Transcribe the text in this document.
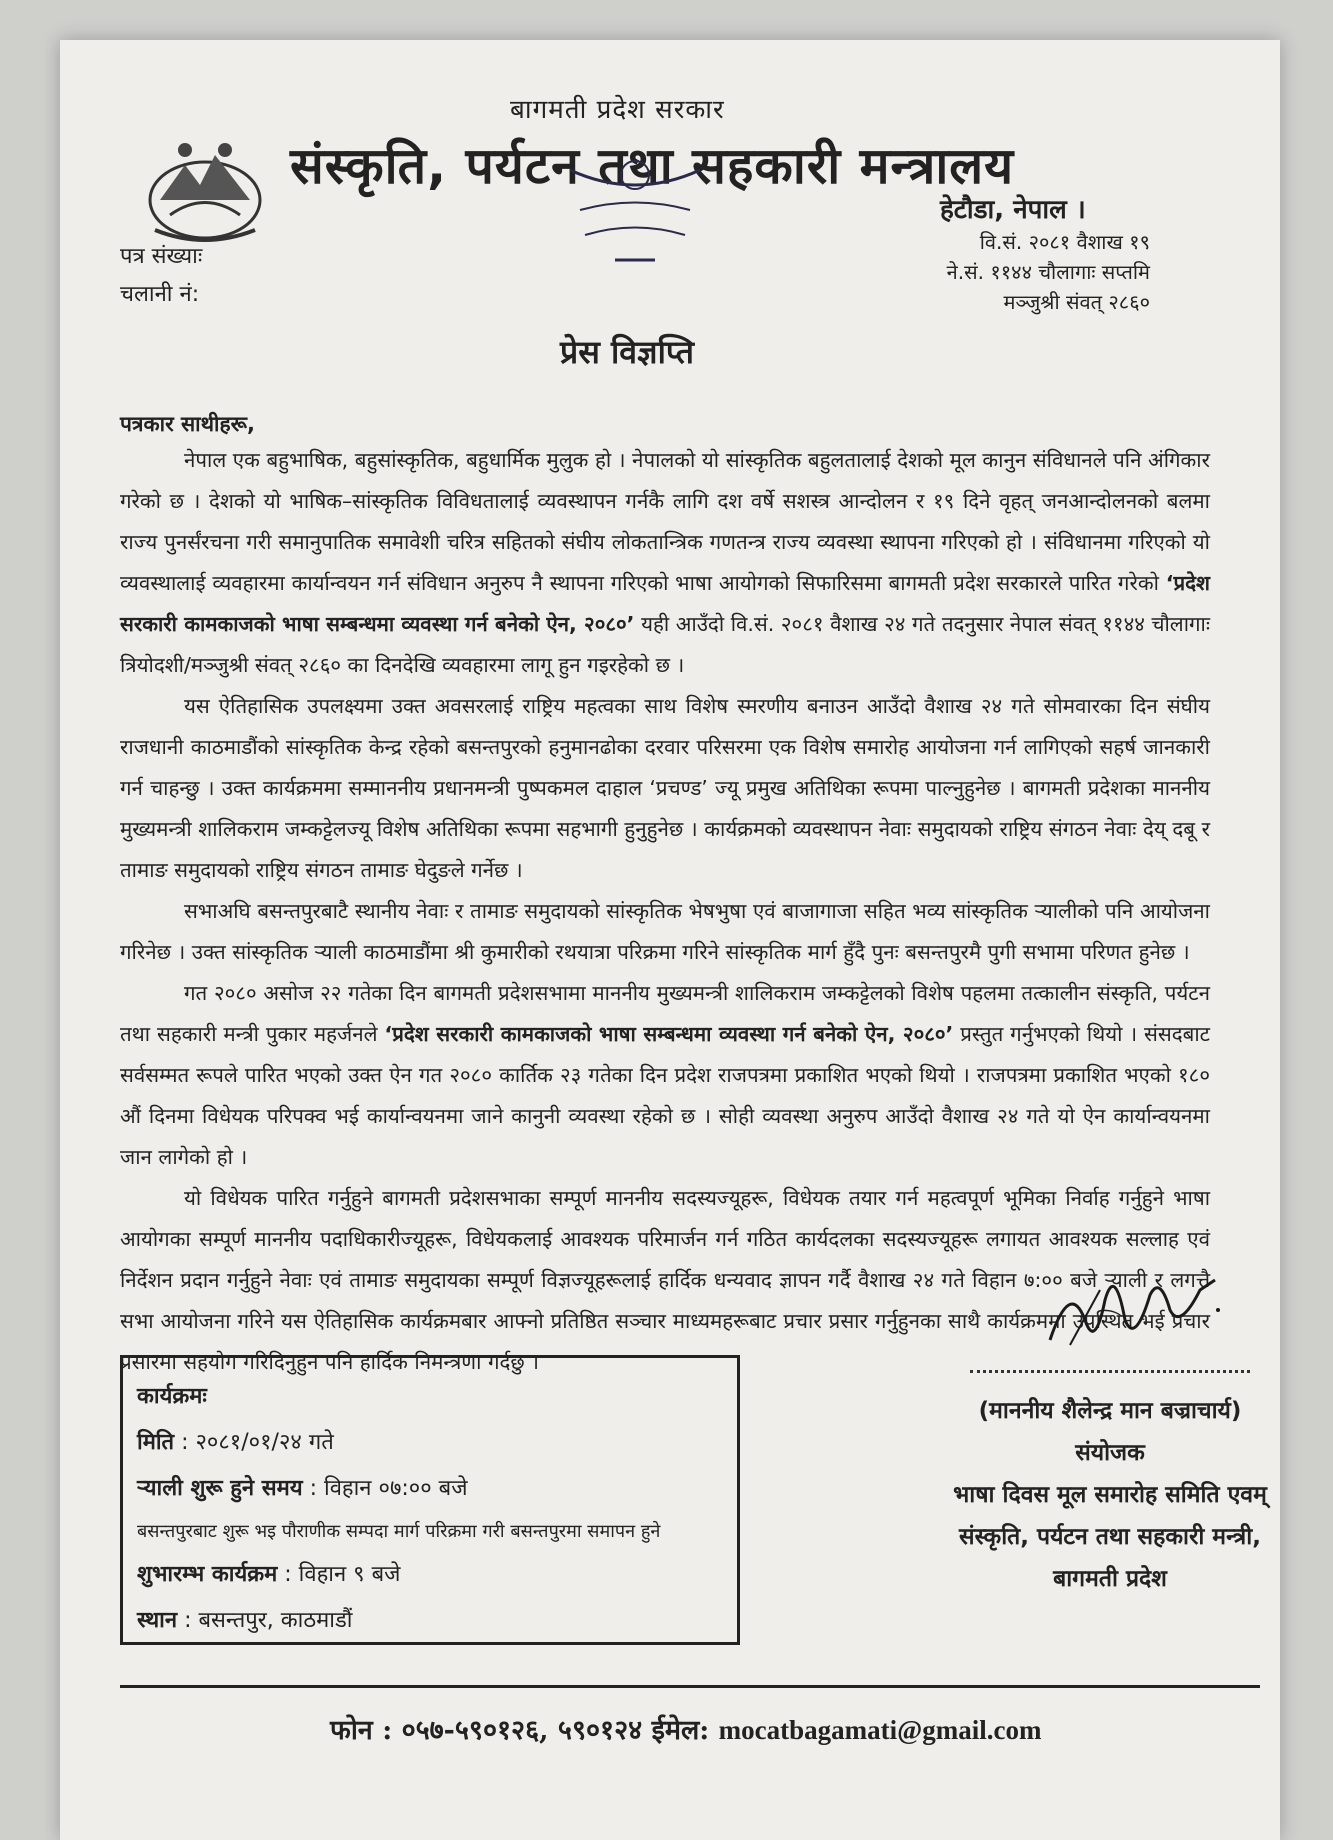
बागमती प्रदेश सरकार
संस्कृति, पर्यटन तथा सहकारी मन्त्रालय
हेटौडा, नेपाल ।
पत्र संख्याः
चलानी नं:
वि.सं. २०८१ वैशाख १९
ने.सं. ११४४ चौलागाः सप्तमि
मञ्जुश्री संवत् २८६०
प्रेस विज्ञप्ति
पत्रकार साथीहरू,

नेपाल एक बहुभाषिक, बहुसांस्कृतिक, बहुधार्मिक मुलुक हो । नेपालको यो सांस्कृतिक बहुलतालाई देशको मूल कानुन संविधानले पनि अंगिकार गरेको छ । देशको यो भाषिक–सांस्कृतिक विविधतालाई व्यवस्थापन गर्नकै लागि दश वर्षे सशस्त्र आन्दोलन र १९ दिने वृहत् जनआन्दोलनको बलमा राज्य पुनर्संरचना गरी समानुपातिक समावेशी चरित्र सहितको संघीय लोकतान्त्रिक गणतन्त्र राज्य व्यवस्था स्थापना गरिएको हो । संविधानमा गरिएको यो व्यवस्थालाई व्यवहारमा कार्यान्वयन गर्न संविधान अनुरुप नै स्थापना गरिएको भाषा आयोगको सिफारिसमा बागमती प्रदेश सरकारले पारित गरेको ‘प्रदेश सरकारी कामकाजको भाषा सम्बन्धमा व्यवस्था गर्न बनेको ऐन, २०८०’ यही आउँदो वि.सं. २०८१ वैशाख २४ गते तदनुसार नेपाल संवत् ११४४ चौलागाः त्रियोदशी/मञ्जुश्री संवत् २८६० का दिनदेखि व्यवहारमा लागू हुन गइरहेको छ ।

यस ऐतिहासिक उपलक्ष्यमा उक्त अवसरलाई राष्ट्रिय महत्वका साथ विशेष स्मरणीय बनाउन आउँदो वैशाख २४ गते सोमवारका दिन संघीय राजधानी काठमाडौंको सांस्कृतिक केन्द्र रहेको बसन्तपुरको हनुमानढोका दरवार परिसरमा एक विशेष समारोह आयोजना गर्न लागिएको सहर्ष जानकारी गर्न चाहन्छु । उक्त कार्यक्रममा सम्माननीय प्रधानमन्त्री पुष्पकमल दाहाल ‘प्रचण्ड’ ज्यू प्रमुख अतिथिका रूपमा पाल्नुहुनेछ । बागमती प्रदेशका माननीय मुख्यमन्त्री शालिकराम जम्कट्टेलज्यू विशेष अतिथिका रूपमा सहभागी हुनुहुनेछ । कार्यक्रमको व्यवस्थापन नेवाः समुदायको राष्ट्रिय संगठन नेवाः देय् दबू र तामाङ समुदायको राष्ट्रिय संगठन तामाङ घेदुङले गर्नेछ ।

सभाअघि बसन्तपुरबाटै स्थानीय नेवाः र तामाङ समुदायको सांस्कृतिक भेषभुषा एवं बाजागाजा सहित भव्य सांस्कृतिक ऱ्यालीको पनि आयोजना गरिनेछ । उक्त सांस्कृतिक ऱ्याली काठमाडौंमा श्री कुमारीको रथयात्रा परिक्रमा गरिने सांस्कृतिक मार्ग हुँदै पुनः बसन्तपुरमै पुगी सभामा परिणत हुनेछ ।

गत २०८० असोज २२ गतेका दिन बागमती प्रदेशसभामा माननीय मुख्यमन्त्री शालिकराम जम्कट्टेलको विशेष पहलमा तत्कालीन संस्कृति, पर्यटन तथा सहकारी मन्त्री पुकार महर्जनले ‘प्रदेश सरकारी कामकाजको भाषा सम्बन्धमा व्यवस्था गर्न बनेको ऐन, २०८०’ प्रस्तुत गर्नुभएको थियो । संसदबाट सर्वसम्मत रूपले पारित भएको उक्त ऐन गत २०८० कार्तिक २३ गतेका दिन प्रदेश राजपत्रमा प्रकाशित भएको थियो । राजपत्रमा प्रकाशित भएको १८० औं दिनमा विधेयक परिपक्व भई कार्यान्वयनमा जाने कानुनी व्यवस्था रहेको छ । सोही व्यवस्था अनुरुप आउँदो वैशाख २४ गते यो ऐन कार्यान्वयनमा जान लागेको हो ।

यो विधेयक पारित गर्नुहुने बागमती प्रदेशसभाका सम्पूर्ण माननीय सदस्यज्यूहरू, विधेयक तयार गर्न महत्वपूर्ण भूमिका निर्वाह गर्नुहुने भाषा आयोगका सम्पूर्ण माननीय पदाधिकारीज्यूहरू, विधेयकलाई आवश्यक परिमार्जन गर्न गठित कार्यदलका सदस्यज्यूहरू लगायत आवश्यक सल्लाह एवं निर्देशन प्रदान गर्नुहुने नेवाः एवं तामाङ समुदायका सम्पूर्ण विज्ञज्यूहरूलाई हार्दिक धन्यवाद ज्ञापन गर्दै वैशाख २४ गते विहान ७:०० बजे ऱ्याली र लगत्तै सभा आयोजना गरिने यस ऐतिहासिक कार्यक्रमबार आफ्नो प्रतिष्ठित सञ्चार माध्यमहरूबाट प्रचार प्रसार गर्नुहुनका साथै कार्यक्रममा उपस्थित भई प्रचार प्रसारमा सहयोग गरिदिनुहुन पनि हार्दिक निमन्त्रणा गर्दछु ।

(माननीय शैलेन्द्र मान बज्राचार्य)
संयोजक
भाषा दिवस मूल समारोह समिति एवम्
संस्कृति, पर्यटन तथा सहकारी मन्त्री,
बागमती प्रदेश
कार्यक्रमः
मिति : २०८१/०१/२४ गते
ऱ्याली शुरू हुने समय : विहान ०७:०० बजे
बसन्तपुरबाट शुरू भइ पौराणीक सम्पदा मार्ग परिक्रमा गरी बसन्तपुरमा समापन हुने
शुभारम्भ कार्यक्रम : विहान ९ बजे
स्थान : बसन्तपुर, काठमाडौं
फोन : ०५७-५९०१२६, ५९०१२४ ईमेल: mocatbagamati@gmail.com
